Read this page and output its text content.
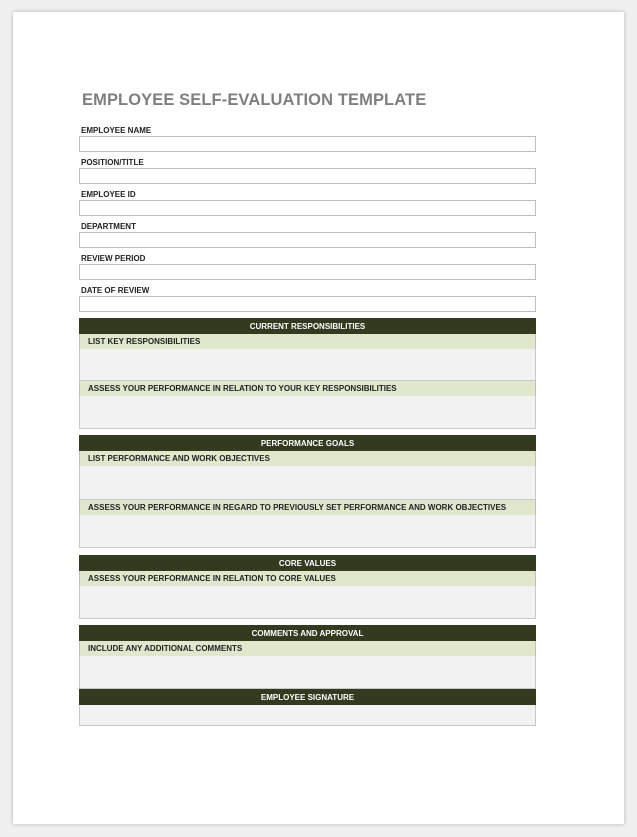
EMPLOYEE SELF-EVALUATION TEMPLATE
EMPLOYEE NAME
POSITION/TITLE
EMPLOYEE ID
DEPARTMENT
REVIEW PERIOD
DATE OF REVIEW
CURRENT RESPONSIBILITIES
LIST KEY RESPONSIBILITIES
ASSESS YOUR PERFORMANCE IN RELATION TO YOUR KEY RESPONSIBILITIES
PERFORMANCE GOALS
LIST PERFORMANCE AND WORK OBJECTIVES
ASSESS YOUR PERFORMANCE IN REGARD TO PREVIOUSLY SET PERFORMANCE AND WORK OBJECTIVES
CORE VALUES
ASSESS YOUR PERFORMANCE IN RELATION TO CORE VALUES
COMMENTS AND APPROVAL
INCLUDE ANY ADDITIONAL COMMENTS
EMPLOYEE SIGNATURE
